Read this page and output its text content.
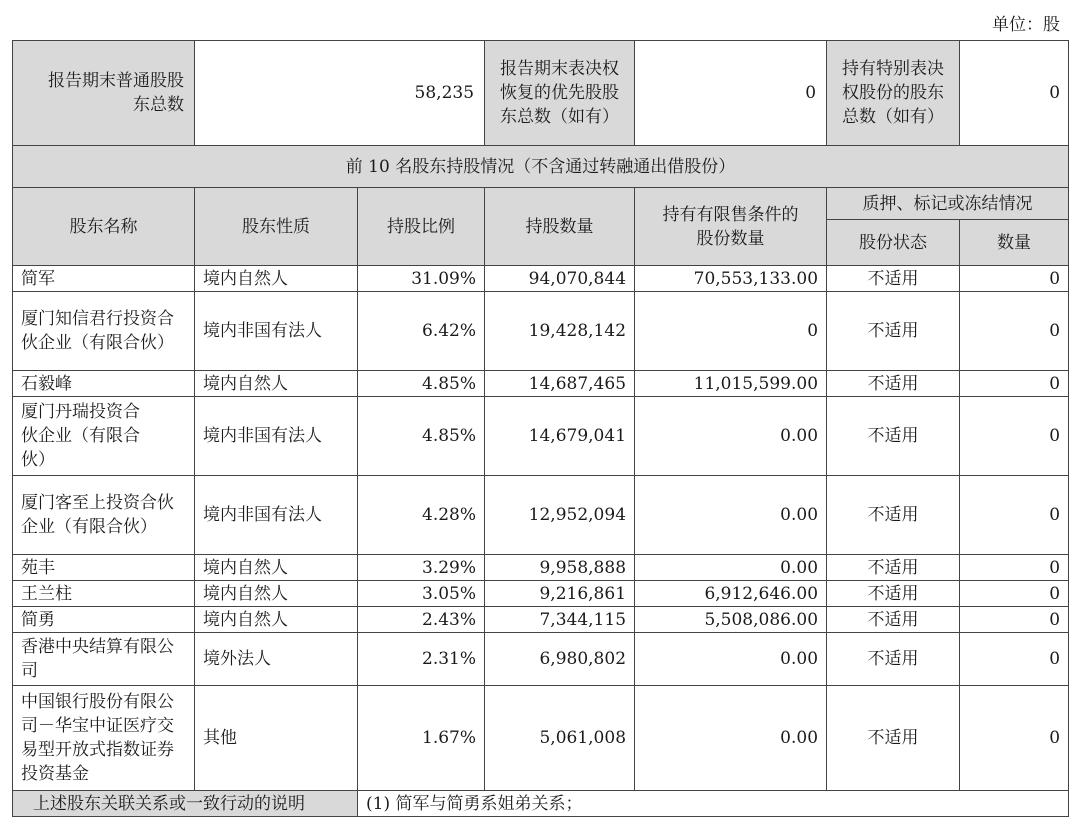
单位：股
报告期末普通股股东总数	58,235		报告期末表决权恢复的优先股股东总数（如有）	0	持有特别表决权股份的股东总数（如有）	0
前 10 名股东持股情况（不含通过转融通出借股份）						
股东名称	股东性质	持股比例	持股数量	持有有限售条件的股份数量	质押、标记或冻结情况	
					股份状态	数量
简军	境内自然人	31.09%	94,070,844	70,553,133.00	不适用	0
厦门知信君行投资合伙企业（有限合伙）	境内非国有法人	6.42%	19,428,142	0	不适用	0
石毅峰	境内自然人	4.85%	14,687,465	11,015,599.00	不适用	0
厦门丹瑞投资合伙企业（有限合伙）	境内非国有法人	4.85%	14,679,041	0.00	不适用	0
厦门客至上投资合伙企业（有限合伙）	境内非国有法人	4.28%	12,952,094	0.00	不适用	0
苑丰	境内自然人	3.29%	9,958,888	0.00	不适用	0
王兰柱	境内自然人	3.05%	9,216,861	6,912,646.00	不适用	0
简勇	境内自然人	2.43%	7,344,115	5,508,086.00	不适用	0
香港中央结算有限公司	境外法人	2.31%	6,980,802	0.00	不适用	0
中国银行股份有限公司－华宝中证医疗交易型开放式指数证券投资基金	其他	1.67%	5,061,008	0.00	不适用	0
上述股东关联关系或一致行动的说明		(1) 简军与简勇系姐弟关系；				
